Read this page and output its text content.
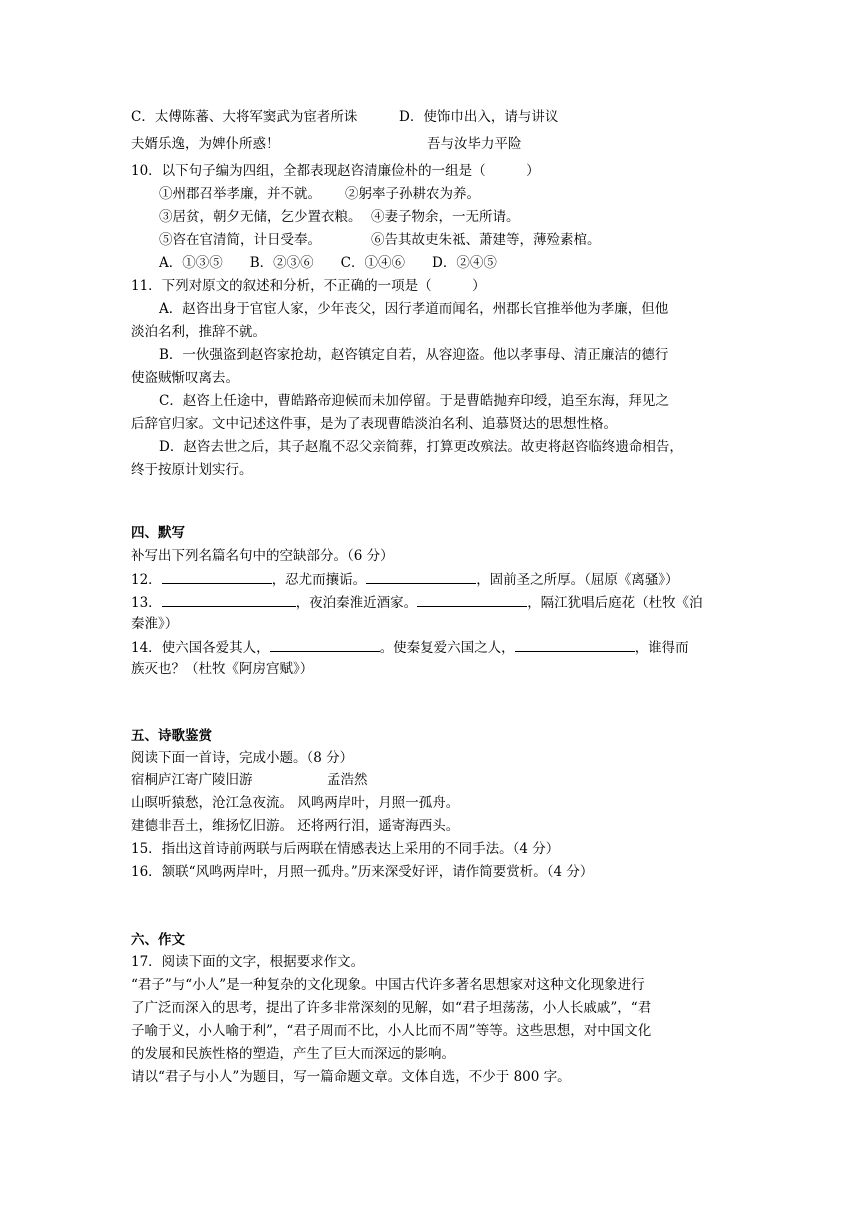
C．太傅陈蕃、大将军窦武为宦者所诛	D．使饰巾出入，请与讲议
夫婿乐逸，为婢仆所惑！	吾与汝毕力平险
10．以下句子编为四组，全都表现赵咨清廉俭朴的一组是（　　　）
①州郡召举孝廉，并不就。 ②躬率子孙耕农为养。
③居贫，朝夕无储，乞少置衣粮。 ④妻子物余，一无所请。
⑤咨在官清简，计日受奉。	⑥告其故吏朱祗、萧建等，薄殓素棺。
A．①③⑤　　B．②③⑥　　C．①④⑥　　D．②④⑤
11．下列对原文的叙述和分析，不正确的一项是（　　　）
A．赵咨出身于官宦人家，少年丧父，因行孝道而闻名，州郡长官推举他为孝廉，但他
淡泊名利，推辞不就。
B．一伙强盗到赵咨家抢劫，赵咨镇定自若，从容迎盗。他以孝事母、清正廉洁的德行
使盗贼惭叹离去。
C．赵咨上任途中，曹皓路帝迎候而未加停留。于是曹皓抛弃印绶，追至东海，拜见之
后辞官归家。文中记述这件事，是为了表现曹皓淡泊名利、追慕贤达的思想性格。
D．赵咨去世之后，其子赵胤不忍父亲简葬，打算更改殡法。故吏将赵咨临终遗命相告，
终于按原计划实行。
四、默写
补写出下列名篇名句中的空缺部分。（6 分）
12．	，忍尤而攘诟。	，固前圣之所厚。（屈原《离骚》）
13．	，夜泊秦淮近酒家。	，隔江犹唱后庭花（杜牧《泊
秦淮》）
14．使六国各爱其人，	。使秦复爱六国之人，	，谁得而
族灭也？（杜牧《阿房宫赋》）
五、诗歌鉴赏
阅读下面一首诗，完成小题。（8 分）
宿桐庐江寄广陵旧游	孟浩然
山暝听猿愁，沧江急夜流。 风鸣两岸叶，月照一孤舟。
建德非吾土，维扬忆旧游。 还将两行泪，遥寄海西头。
15．指出这首诗前两联与后两联在情感表达上采用的不同手法。（4 分）
16．颔联“风鸣两岸叶，月照一孤舟。”历来深受好评，请作简要赏析。（4 分）
六、作文
17．阅读下面的文字，根据要求作文。
“君子”与“小人”是一种复杂的文化现象。中国古代许多著名思想家对这种文化现象进行
了广泛而深入的思考，提出了许多非常深刻的见解，如“君子坦荡荡，小人长戚戚”，“君
子喻于义，小人喻于利”，“君子周而不比，小人比而不周”等等。这些思想，对中国文化
的发展和民族性格的塑造，产生了巨大而深远的影响。
请以“君子与小人”为题目，写一篇命题文章。文体自选，不少于 800 字。
